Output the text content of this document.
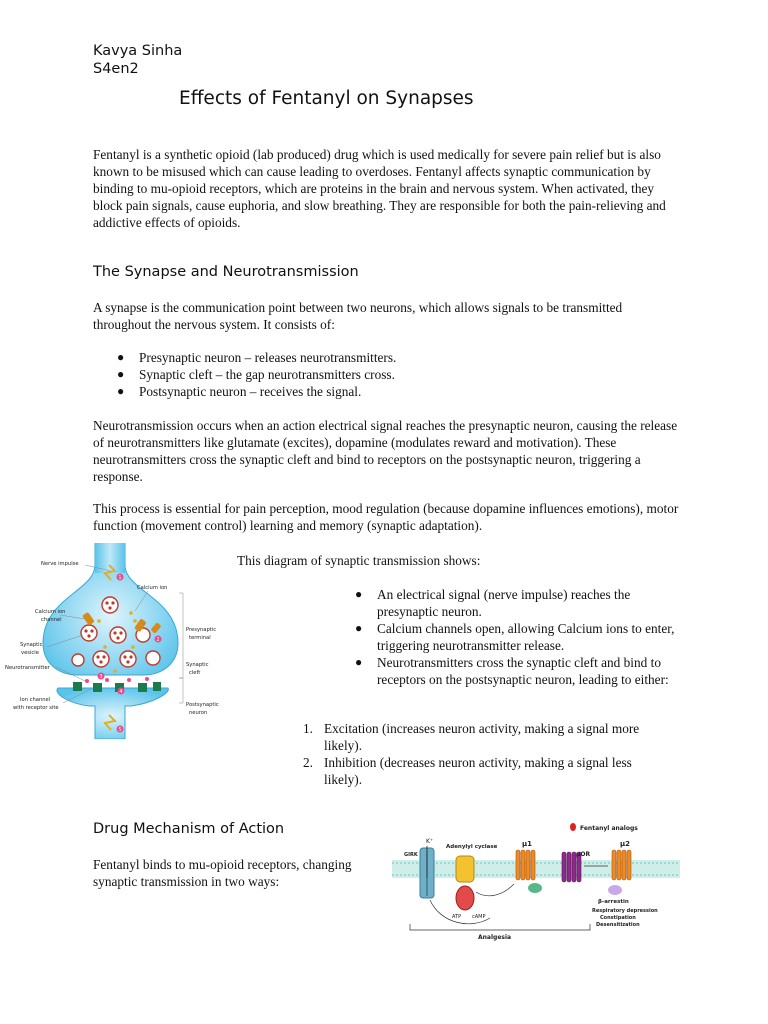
Kavya Sinha
S4en2
Effects of Fentanyl on Synapses

Fentanyl is a synthetic opioid (lab produced) drug which is used medically for severe pain relief but is also known to be misused which can cause leading to overdoses. Fentanyl affects synaptic communication by binding to mu-opioid receptors, which are proteins in the brain and nervous system. When activated, they block pain signals, cause euphoria, and slow breathing. They are responsible for both the pain-relieving and addictive effects of opioids.

The Synapse and Neurotransmission

A synapse is the communication point between two neurons, which allows signals to be transmitted throughout the nervous system. It consists of:

● Presynaptic neuron – releases neurotransmitters.
● Synaptic cleft – the gap neurotransmitters cross.
● Postsynaptic neuron – receives the signal.

Neurotransmission occurs when an action electrical signal reaches the presynaptic neuron, causing the release of neurotransmitters like glutamate (excites), dopamine (modulates reward and motivation). These neurotransmitters cross the synaptic cleft and bind to receptors on the postsynaptic neuron, triggering a response.

This process is essential for pain perception, mood regulation (because dopamine influences emotions), motor function (movement control) learning and memory (synaptic adaptation).

1
2
3
4
5
Nerve impulse
Calcium ion
Calcium ion
channel
Synaptic
vesicle
Neurotransmitter
Ion channel
with receptor site
Presynaptic
terminal
Synaptic
cleft
Postsynaptic
neuron

This diagram of synaptic transmission shows:

● An electrical signal (nerve impulse) reaches the presynaptic neuron.
● Calcium channels open, allowing Calcium ions to enter, triggering neurotransmitter release.
● Neurotransmitters cross the synaptic cleft and bind to receptors on the postsynaptic neuron, leading to either:
1. Excitation (increases neuron activity, making a signal more likely).
2. Inhibition (decreases neuron activity, making a signal less likely).
Drug Mechanism of Action

Fentanyl binds to mu-opioid receptors, changing synaptic transmission in two ways:

Fentanyl analogs
GIRK
K⁺
Adenylyl cyclase	μ1
μOR
μ2
β-arrestin
ATP cAMP
Respiratory depression
Constipation
Desensitization
Analgesia
